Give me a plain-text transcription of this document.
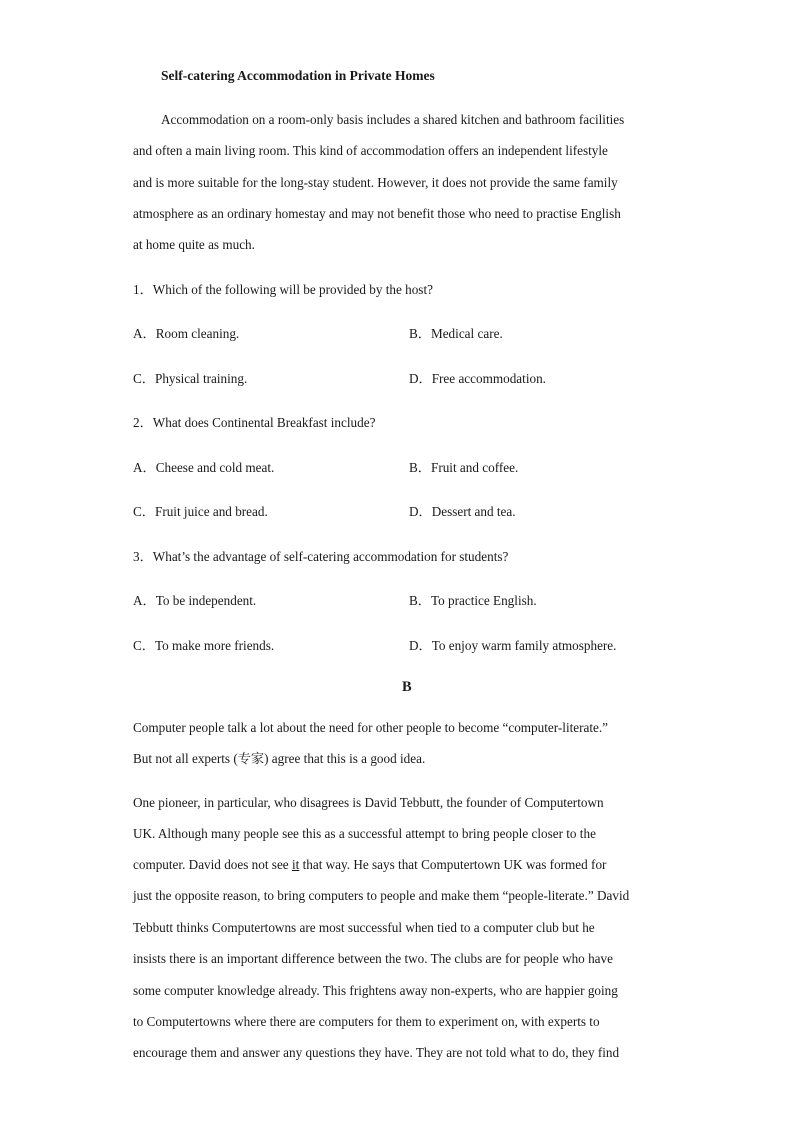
Self-catering Accommodation in Private Homes
Accommodation on a room-only basis includes a shared kitchen and bathroom facilities
and often a main living room. This kind of accommodation offers an independent lifestyle
and is more suitable for the long-stay student. However, it does not provide the same family
atmosphere as an ordinary homestay and may not benefit those who need to practise English
at home quite as much.
1．Which of the following will be provided by the host?
A．Room cleaning.	B．Medical care.
C．Physical training.	D．Free accommodation.
2．What does Continental Breakfast include?
A．Cheese and cold meat.	B．Fruit and coffee.
C．Fruit juice and bread.	D．Dessert and tea.
3．What’s the advantage of self-catering accommodation for students?
A．To be independent.	B．To practice English.
C．To make more friends.	D．To enjoy warm family atmosphere.
B
Computer people talk a lot about the need for other people to become “computer-literate.”
But not all experts (专家) agree that this is a good idea.
One pioneer, in particular, who disagrees is David Tebbutt, the founder of Computertown
UK. Although many people see this as a successful attempt to bring people closer to the
computer. David does not see it that way. He says that Computertown UK was formed for
just the opposite reason, to bring computers to people and make them “people-literate.” David
Tebbutt thinks Computertowns are most successful when tied to a computer club but he
insists there is an important difference between the two. The clubs are for people who have
some computer knowledge already. This frightens away non-experts, who are happier going
to Computertowns where there are computers for them to experiment on, with experts to
encourage them and answer any questions they have. They are not told what to do, they find
